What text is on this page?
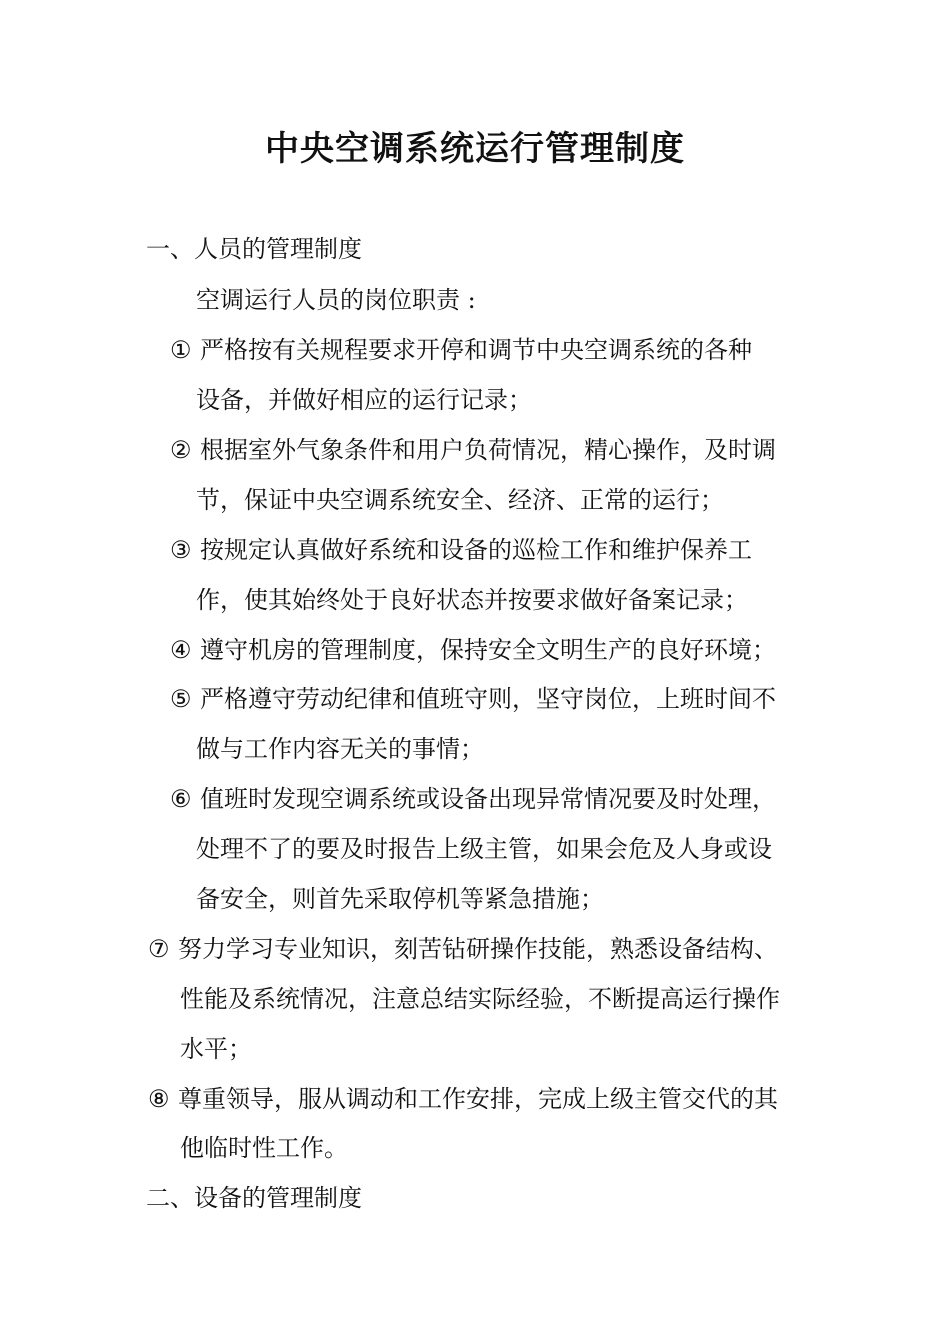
中央空调系统运行管理制度
一、人员的管理制度
空调运行人员的岗位职责 :
① 严格按有关规程要求开停和调节中央空调系统的各种
设备，并做好相应的运行记录；
② 根据室外气象条件和用户负荷情况，精心操作，及时调
节，保证中央空调系统安全、经济、正常的运行；
③ 按规定认真做好系统和设备的巡检工作和维护保养工
作，使其始终处于良好状态并按要求做好备案记录；
④ 遵守机房的管理制度，保持安全文明生产的良好环境；
⑤ 严格遵守劳动纪律和值班守则，坚守岗位，上班时间不
做与工作内容无关的事情；
⑥ 值班时发现空调系统或设备出现异常情况要及时处理，
处理不了的要及时报告上级主管，如果会危及人身或设
备安全，则首先采取停机等紧急措施；
⑦ 努力学习专业知识，刻苦钻研操作技能，熟悉设备结构、
性能及系统情况，注意总结实际经验，不断提高运行操作
水平；
⑧ 尊重领导，服从调动和工作安排，完成上级主管交代的其
他临时性工作。
二、设备的管理制度
